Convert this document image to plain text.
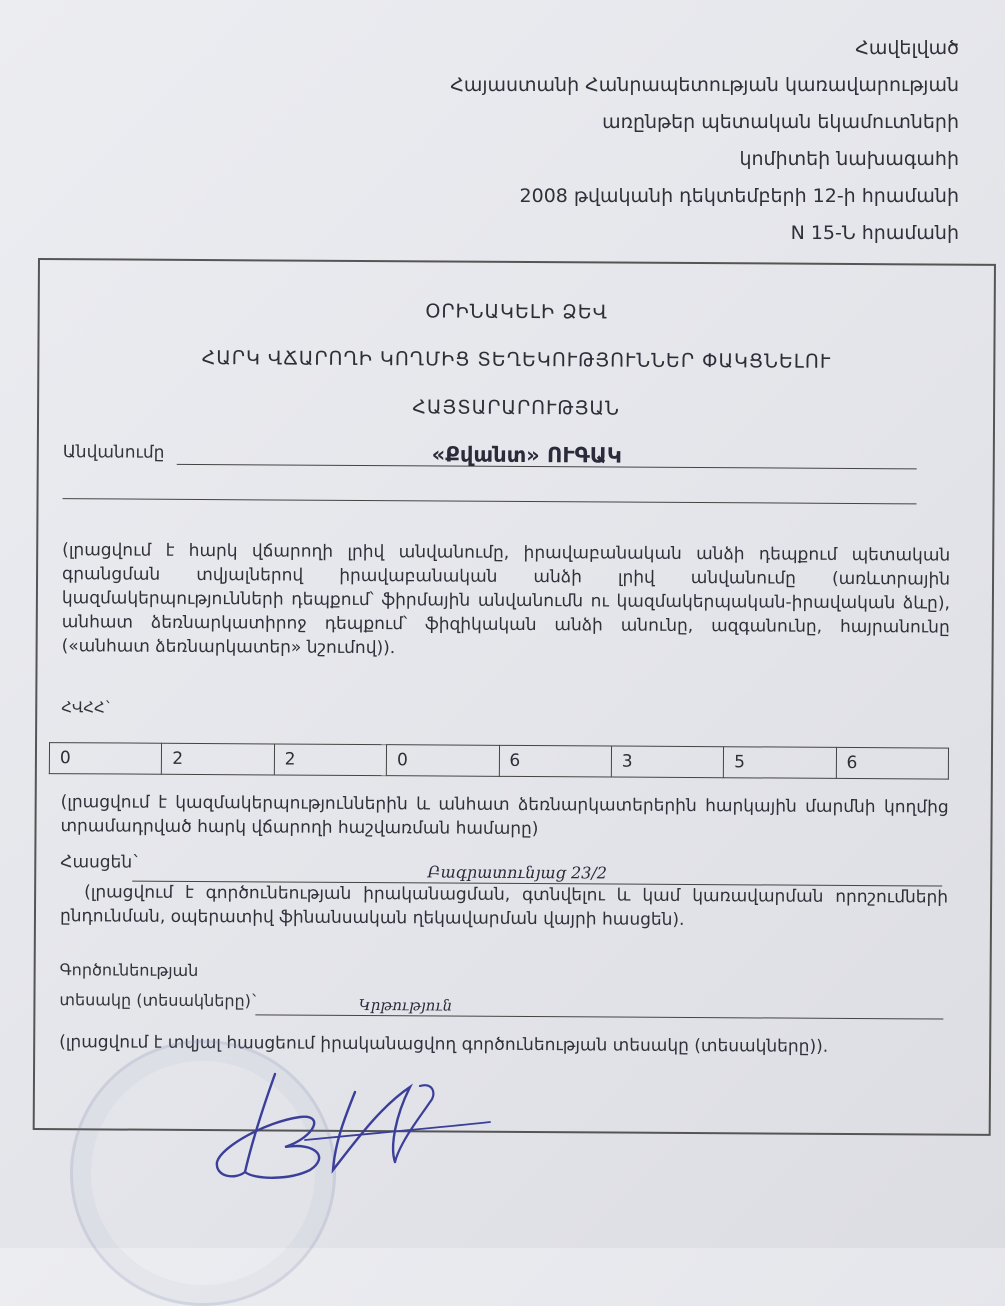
Հավելված
Հայաստանի Հանրապետության կառավարության
առընթեր պետական եկամուտների
կոմիտեի նախագահի
2008 թվականի դեկտեմբերի 12-ի հրամանի
N 15-Ն հրամանի
ՕՐԻՆԱԿԵԼԻ ՁԵՎ
ՀԱՐԿ ՎՃԱՐՈՂԻ ԿՈՂՄԻՑ ՏԵՂԵԿՈՒԹՅՈՒՆՆԵՐ ՓԱԿՑՆԵԼՈՒ
ՀԱՅՏԱՐԱՐՈՒԹՅԱՆ
Անվանումը	«Քվանտ» ՈՒԳԱԿ
(լրացվում է հարկ վճարողի լրիվ անվանումը, իրավաբանական անձի դեպքում պետական գրանցման տվյալներով իրավաբանական անձի լրիվ անվանումը (առևտրային կազմակերպությունների դեպքում՝ ֆիրմային անվանումն ու կազմակերպական-իրավական ձևը), անհատ ձեռնարկատիրոջ դեպքում՝ ֆիզիկական անձի անունը, ազգանունը, հայրանունը («անհատ ձեռնարկատեր» նշումով)).
ՀՎՀՀ`
0	2	2	0	6	3	5	6
(լրացվում է կազմակերպություններին և անհատ ձեռնարկատերերին հարկային մարմնի կողմից տրամադրված հարկ վճարողի հաշվառման համարը)
Հասցեն`	Բագրատունյաց 23/2
(լրացվում է գործունեության իրականացման, գտնվելու և կամ կառավարման որոշումների ընդունման, օպերատիվ ֆինանսական ղեկավարման վայրի հասցեն).
Գործունեության
տեսակը (տեսակները)`	Կրթություն
(լրացվում է տվյալ հասցեում իրականացվող գործունեության տեսակը (տեսակները)).
